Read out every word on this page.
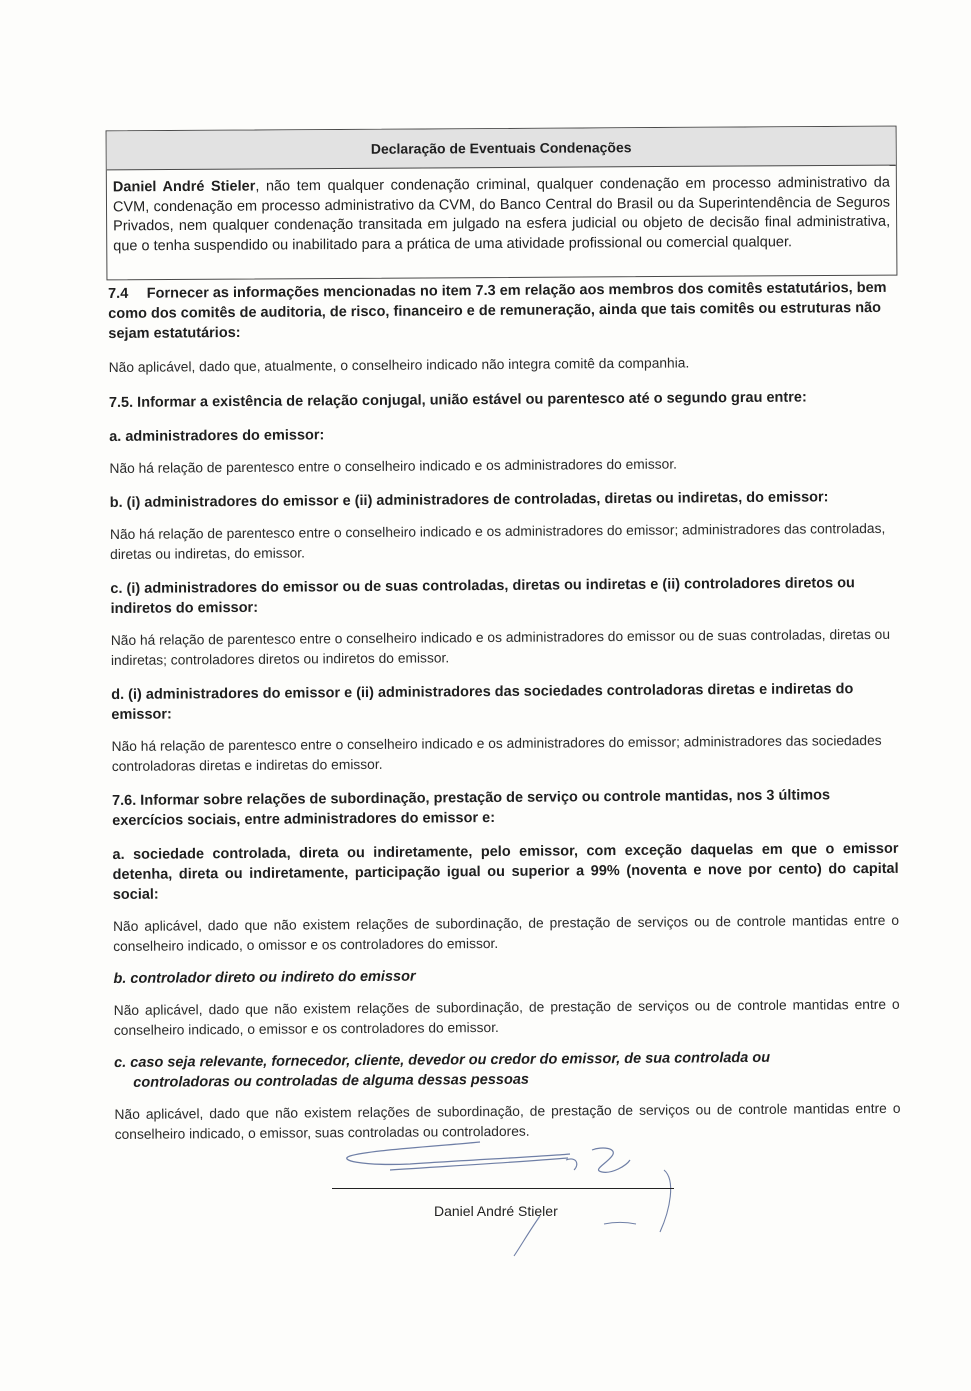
Declaração de Eventuais Condenações
Daniel André Stieler, não tem qualquer condenação criminal, qualquer condenação em processo administrativo da CVM, condenação em processo administrativo da CVM, do Banco Central do Brasil ou da Superintendência de Seguros Privados, nem qualquer condenação transitada em julgado na esfera judicial ou objeto de decisão final administrativa, que o tenha suspendido ou inabilitado para a prática de uma atividade profissional ou comercial qualquer.

7.4  Fornecer as informações mencionadas no item 7.3 em relação aos membros dos comitês estatutários, bem como dos comitês de auditoria, de risco, financeiro e de remuneração, ainda que tais comitês ou estruturas não sejam estatutários:

Não aplicável, dado que, atualmente, o conselheiro indicado não integra comitê da companhia.

7.5. Informar a existência de relação conjugal, união estável ou parentesco até o segundo grau entre:

a. administradores do emissor:

Não há relação de parentesco entre o conselheiro indicado e os administradores do emissor.

b. (i) administradores do emissor e (ii) administradores de controladas, diretas ou indiretas, do emissor:

Não há relação de parentesco entre o conselheiro indicado e os administradores do emissor; administradores das controladas, diretas ou indiretas, do emissor.

c. (i) administradores do emissor ou de suas controladas, diretas ou indiretas e (ii) controladores diretos ou indiretos do emissor:

Não há relação de parentesco entre o conselheiro indicado e os administradores do emissor ou de suas controladas, diretas ou indiretas; controladores diretos ou indiretos do emissor.

d. (i) administradores do emissor e (ii) administradores das sociedades controladoras diretas e indiretas do emissor:

Não há relação de parentesco entre o conselheiro indicado e os administradores do emissor; administradores das sociedades controladoras diretas e indiretas do emissor.

7.6. Informar sobre relações de subordinação, prestação de serviço ou controle mantidas, nos 3 últimos exercícios sociais, entre administradores do emissor e:

a. sociedade controlada, direta ou indiretamente, pelo emissor, com exceção daquelas em que o emissor detenha, direta ou indiretamente, participação igual ou superior a 99% (noventa e nove por cento) do capital social:

Não aplicável, dado que não existem relações de subordinação, de prestação de serviços ou de controle mantidas entre o conselheiro indicado, o omissor e os controladores do emissor.

b. controlador direto ou indireto do emissor

Não aplicável, dado que não existem relações de subordinação, de prestação de serviços ou de controle mantidas entre o conselheiro indicado, o emissor e os controladores do emissor.

c. caso seja relevante, fornecedor, cliente, devedor ou credor do emissor, de sua controlada ou

controladoras ou controladas de alguma dessas pessoas

Não aplicável, dado que não existem relações de subordinação, de prestação de serviços ou de controle mantidas entre o conselheiro indicado, o emissor, suas controladas ou controladores.

Daniel André Stieler
